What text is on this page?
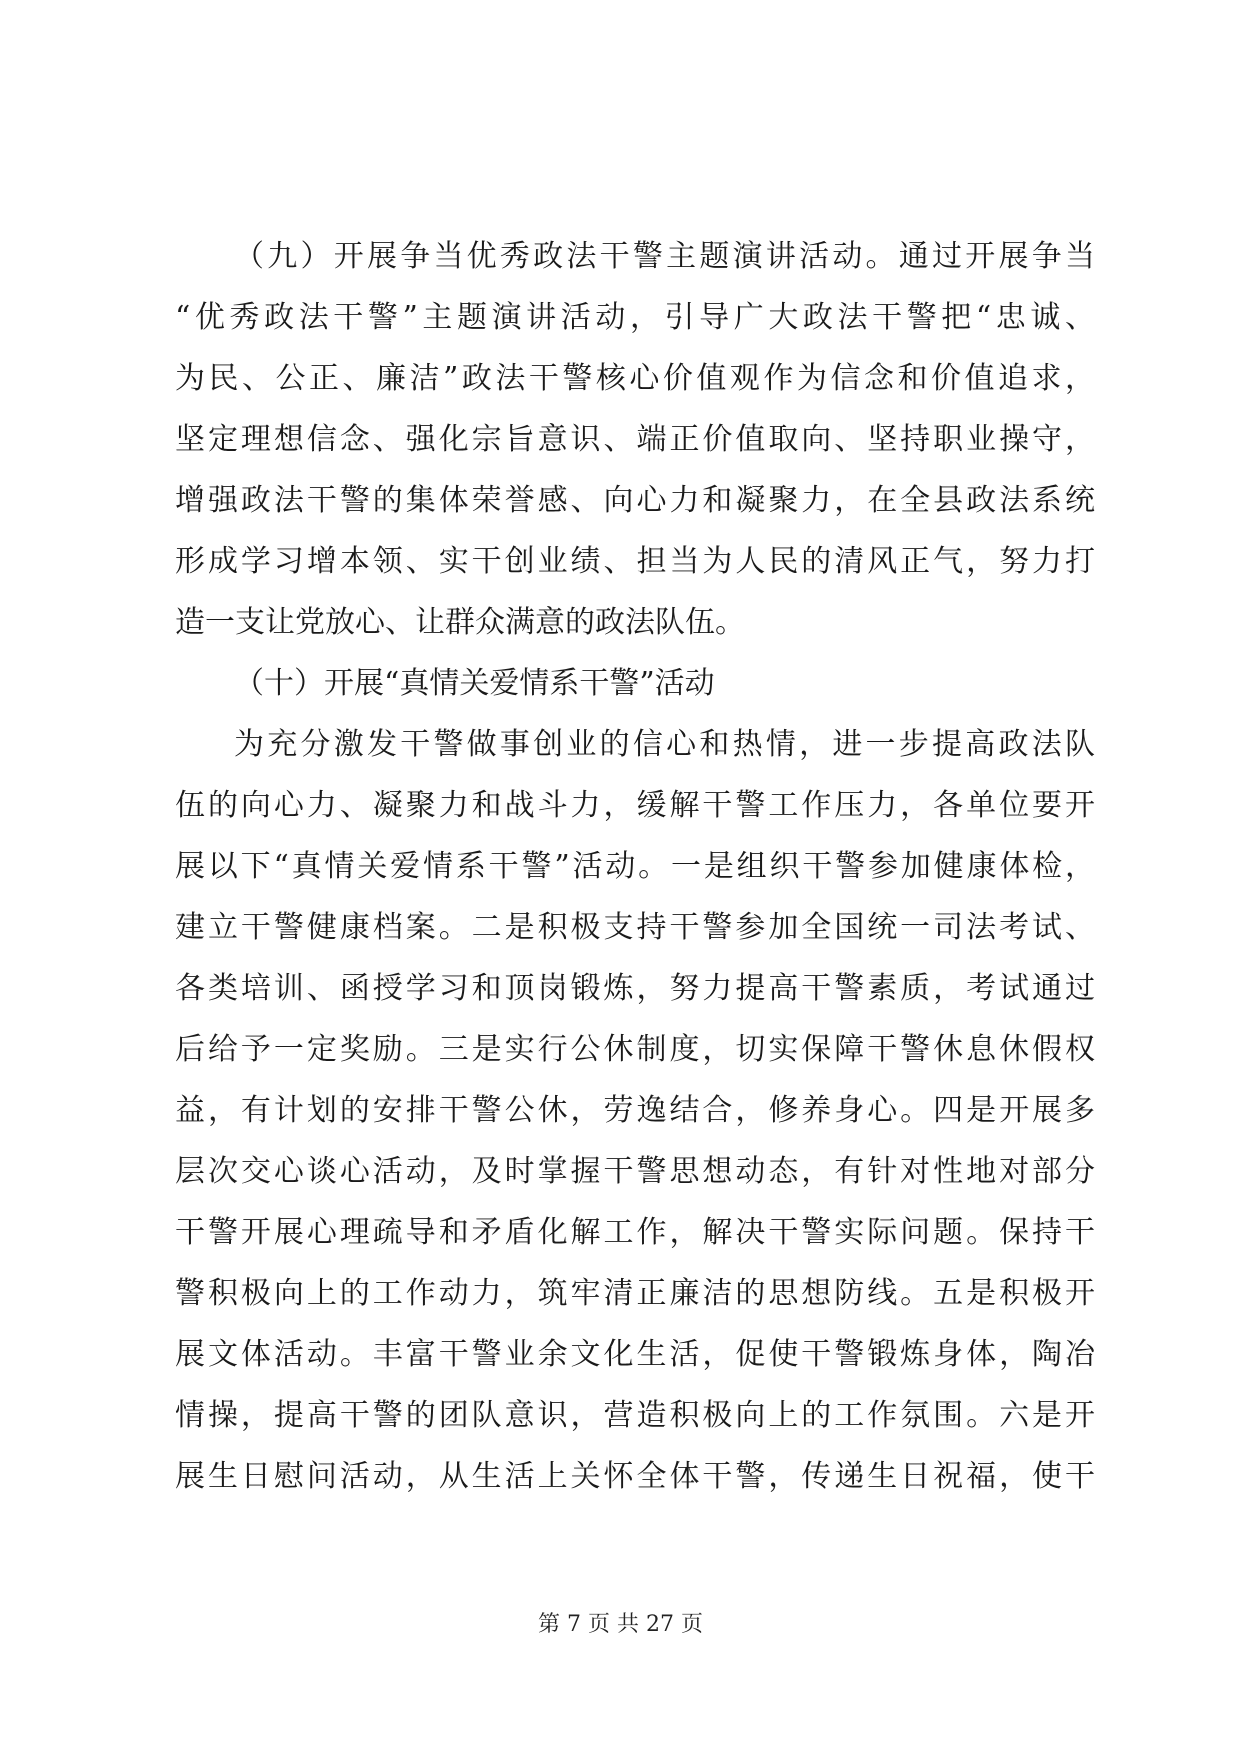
（九）开展争当优秀政法干警主题演讲活动。通过开展争当
“优秀政法干警”主题演讲活动，引导广大政法干警把“忠诚、
为民、公正、廉洁”政法干警核心价值观作为信念和价值追求，
坚定理想信念、强化宗旨意识、端正价值取向、坚持职业操守，
增强政法干警的集体荣誉感、向心力和凝聚力，在全县政法系统
形成学习增本领、实干创业绩、担当为人民的清风正气，努力打
造一支让党放心、让群众满意的政法队伍。
（十）开展“真情关爱情系干警”活动
为充分激发干警做事创业的信心和热情，进一步提高政法队
伍的向心力、凝聚力和战斗力，缓解干警工作压力，各单位要开
展以下“真情关爱情系干警”活动。一是组织干警参加健康体检，
建立干警健康档案。二是积极支持干警参加全国统一司法考试、
各类培训、函授学习和顶岗锻炼，努力提高干警素质，考试通过
后给予一定奖励。三是实行公休制度，切实保障干警休息休假权
益，有计划的安排干警公休，劳逸结合，修养身心。四是开展多
层次交心谈心活动，及时掌握干警思想动态，有针对性地对部分
干警开展心理疏导和矛盾化解工作，解决干警实际问题。保持干
警积极向上的工作动力，筑牢清正廉洁的思想防线。五是积极开
展文体活动。丰富干警业余文化生活，促使干警锻炼身体，陶冶
情操，提高干警的团队意识，营造积极向上的工作氛围。六是开
展生日慰问活动，从生活上关怀全体干警，传递生日祝福，使干
第 7 页 共 27 页
